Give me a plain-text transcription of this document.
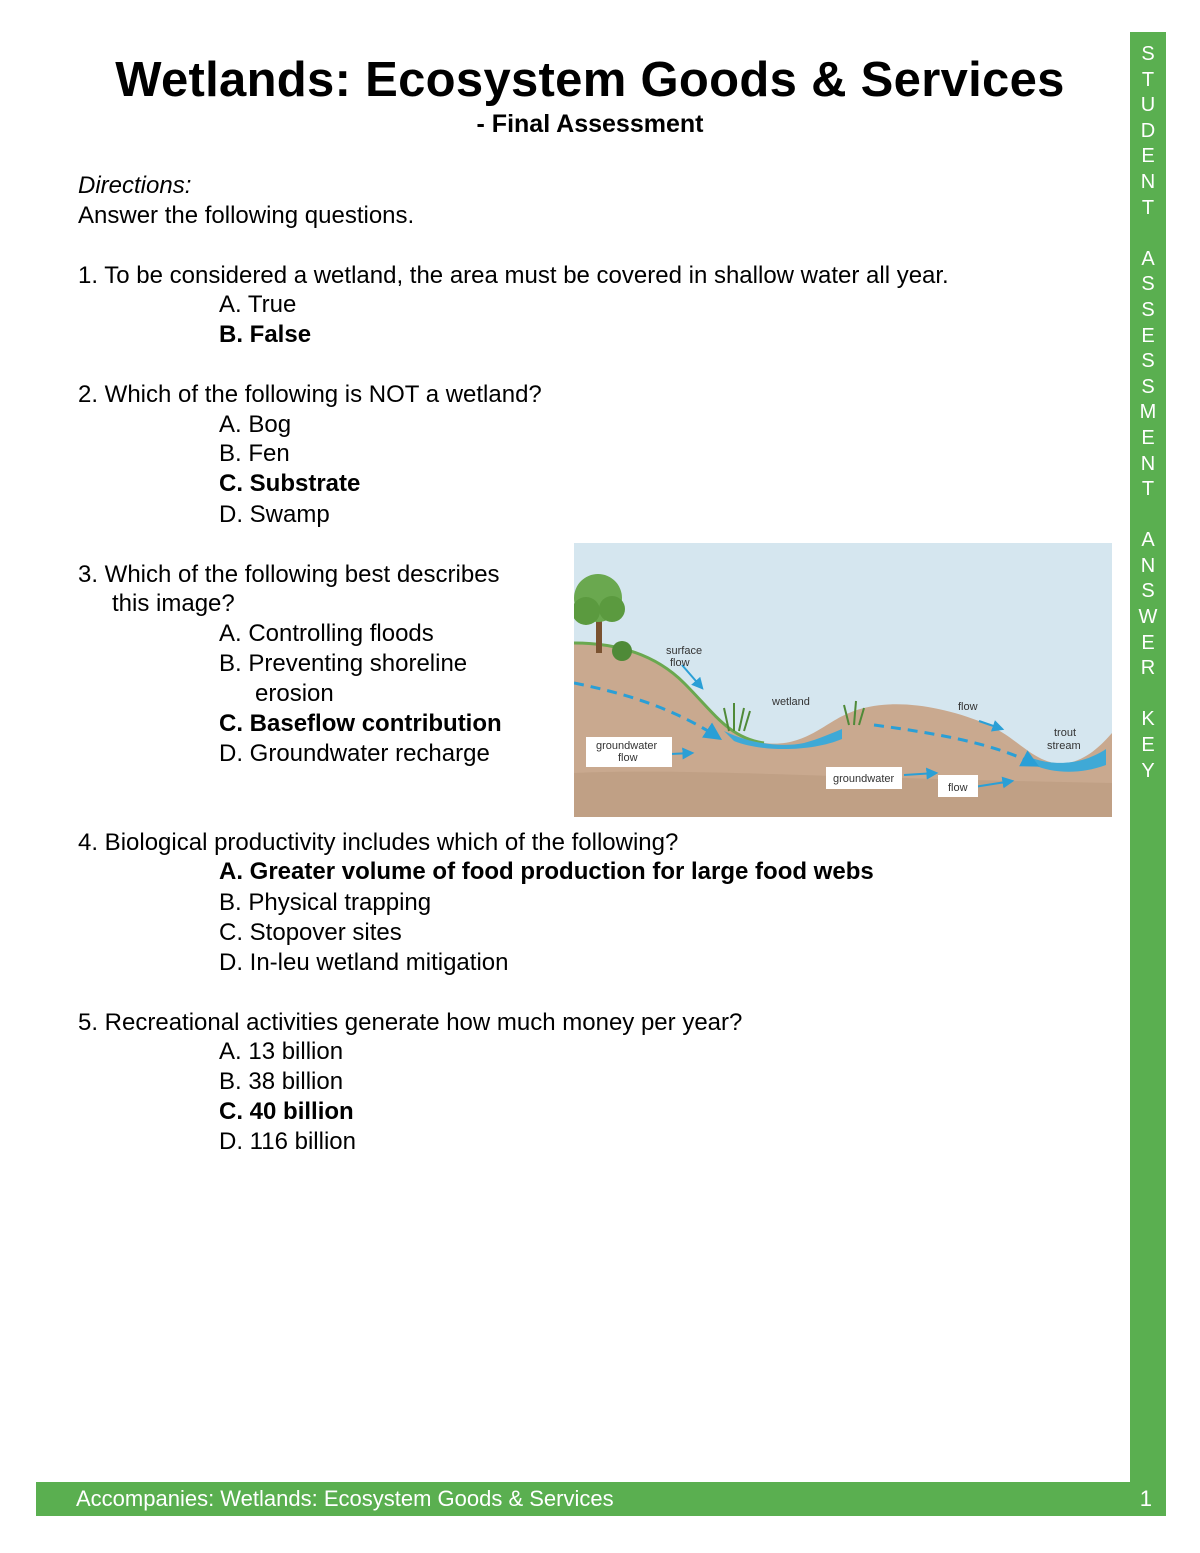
Wetlands: Ecosystem Goods & Services
- Final Assessment
Directions:
Answer the following questions.
1. To be considered a wetland, the area must be covered in shallow water all year.
A. True
B. False
2. Which of the following is NOT a wetland?
A. Bog
B. Fen
C. Substrate
D. Swamp
3. Which of the following best describes
this image?
A. Controlling floods
B. Preventing shoreline
erosion
C. Baseflow contribution
D. Groundwater recharge
surface
flow
wetland	flow
trout
stream
groundwater
flow
groundwater
flow
4. Biological productivity includes which of the following?
A. Greater volume of food production for large food webs
B. Physical trapping
C. Stopover sites
D. In-leu wetland mitigation
5. Recreational activities generate how much money per year?
A. 13 billion
B. 38 billion
C. 40 billion
D. 116 billion
S
T
U
D
E
N
T

A
S
S
E
S
S
M
E
N
T

A
N
S
W
E
R

K
E
Y
Accompanies: Wetlands: Ecosystem Goods & Services	1
